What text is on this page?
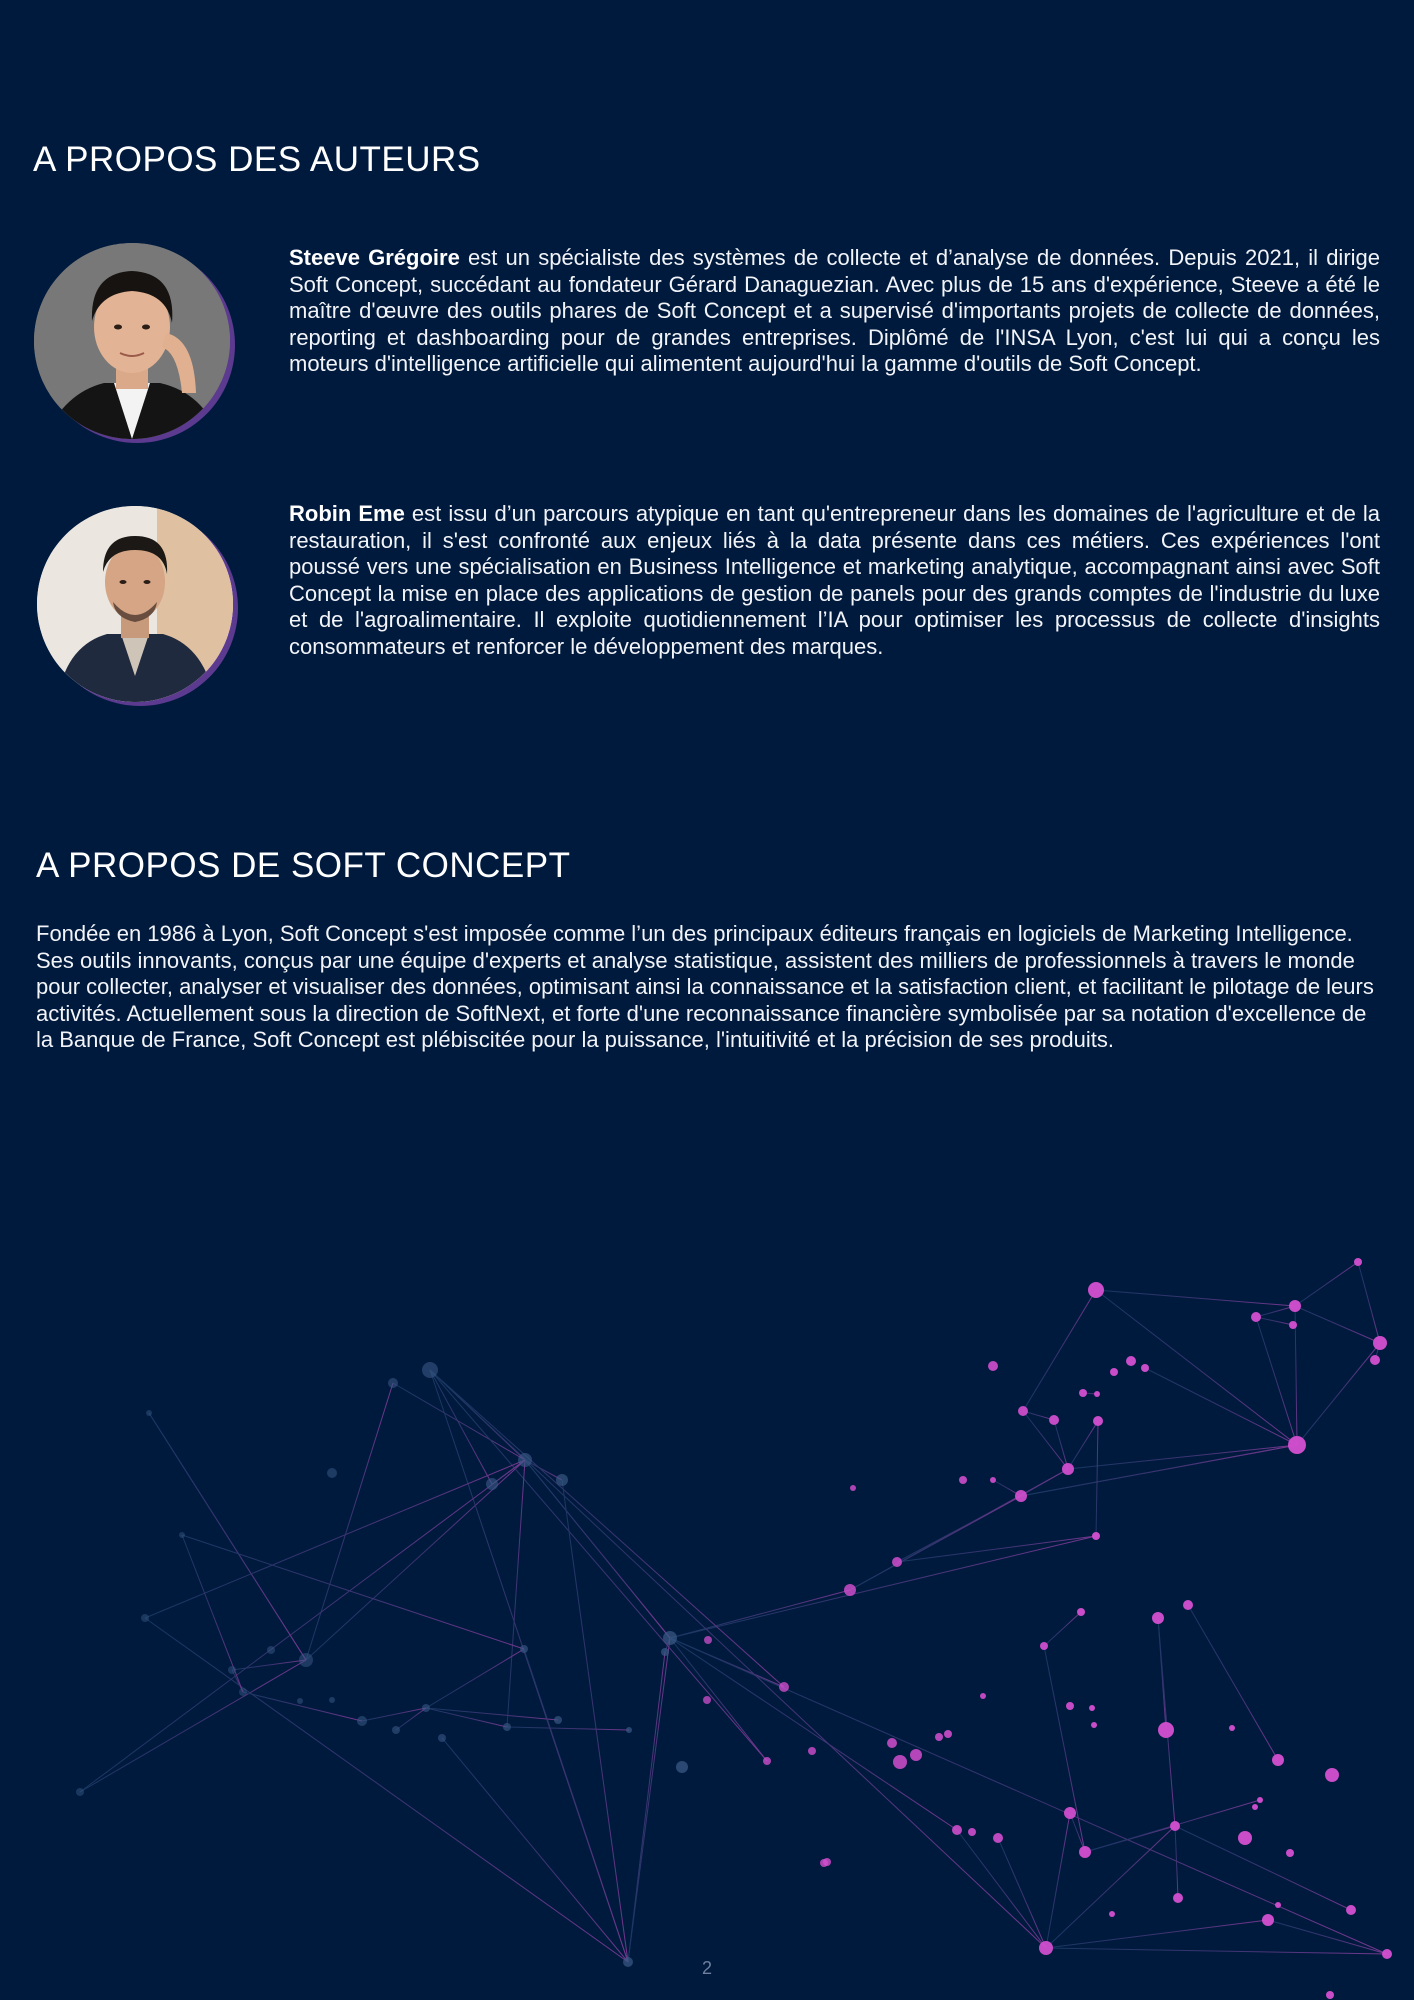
A PROPOS DES AUTEURS

Steeve Grégoire est un spécialiste des systèmes de collecte et d’analyse de données. Depuis 2021, il dirige Soft Concept, succédant au fondateur Gérard Danaguezian. Avec plus de 15 ans d'expérience, Steeve a été le maître d'œuvre des outils phares de Soft Concept et a supervisé d'importants projets de collecte de données, reporting et dashboarding pour de grandes entreprises. Diplômé de l'INSA Lyon, c'est lui qui a conçu les moteurs d'intelligence artificielle qui alimentent aujourd'hui la gamme d'outils de Soft Concept.

Robin Eme est issu d’un parcours atypique en tant qu'entrepreneur dans les domaines de l'agriculture et de la restauration, il s'est confronté aux enjeux liés à la data présente dans ces métiers. Ces expériences l'ont poussé vers une spécialisation en Business Intelligence et marketing analytique, accompagnant ainsi avec Soft Concept la mise en place des applications de gestion de panels pour des grands comptes de l'industrie du luxe et de l'agroalimentaire. Il exploite quotidiennement l’IA pour optimiser les processus de collecte d'insights consommateurs et renforcer le développement des marques.

A PROPOS DE SOFT CONCEPT

Fondée en 1986 à Lyon, Soft Concept s'est imposée comme l’un des principaux éditeurs français en logiciels de Marketing Intelligence. Ses outils innovants, conçus par une équipe d'experts et analyse statistique, assistent des milliers de professionnels à travers le monde pour collecter, analyser et visualiser des données, optimisant ainsi la connaissance et la satisfaction client, et facilitant le pilotage de leurs activités. Actuellement sous la direction de SoftNext, et forte d'une reconnaissance financière symbolisée par sa notation d'excellence de la Banque de France, Soft Concept est plébiscitée pour la puissance, l'intuitivité et la précision de ses produits.

2
